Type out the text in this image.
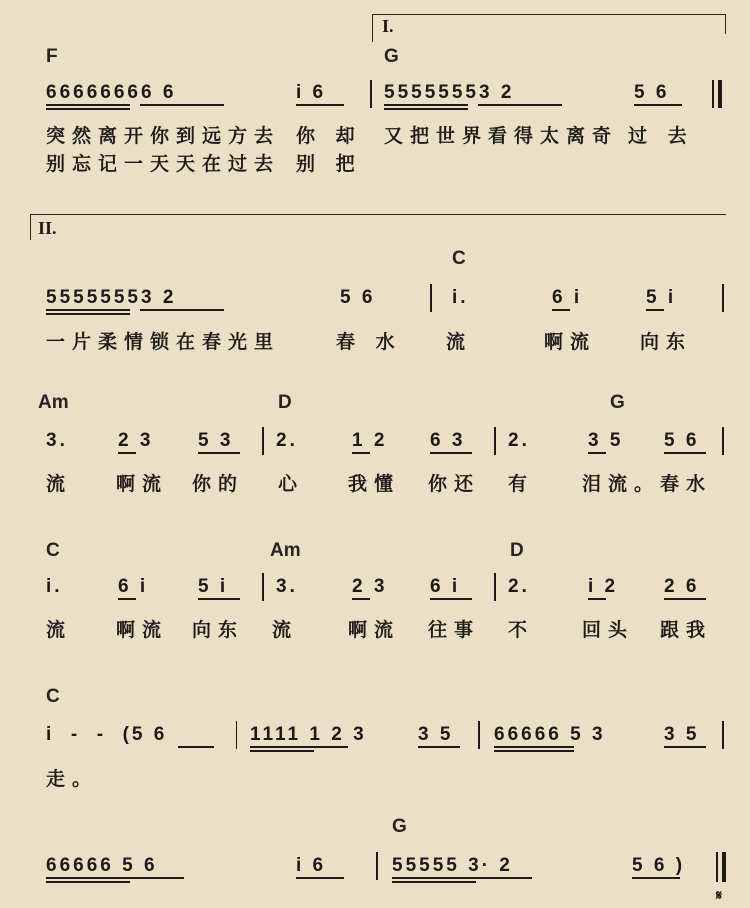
I.
II.
F	G
66666666 6	i 6	55555553 2	5 6
突然离开你到远方去 你 却 又把世界看得太离奇 过 去
别忘记一天天在过去 别 把
C
55555553 2	5 6	i.	6 i	5 i
一片柔情锁在春光里	春 水 流	啊流 向东
Am	D	G
3.	2 3 5 3 2.	1 2 6 3 2.	3 5 5 6
流 啊流 你的 心 我懂 你还 有	泪流。 春水
C	Am	D
i.	6 i	5 i	3.	2 3 6 i	2.	i 2 2 6
流 啊流 向东 流	啊流 往事 不	回头 跟我
C
i  -  -  (5 6	1111 1 2 3	3 5 66666 5 3	3 5
走。
G
66666 5 6	i 6	55555 3· 2	5 6 )
𝄋
